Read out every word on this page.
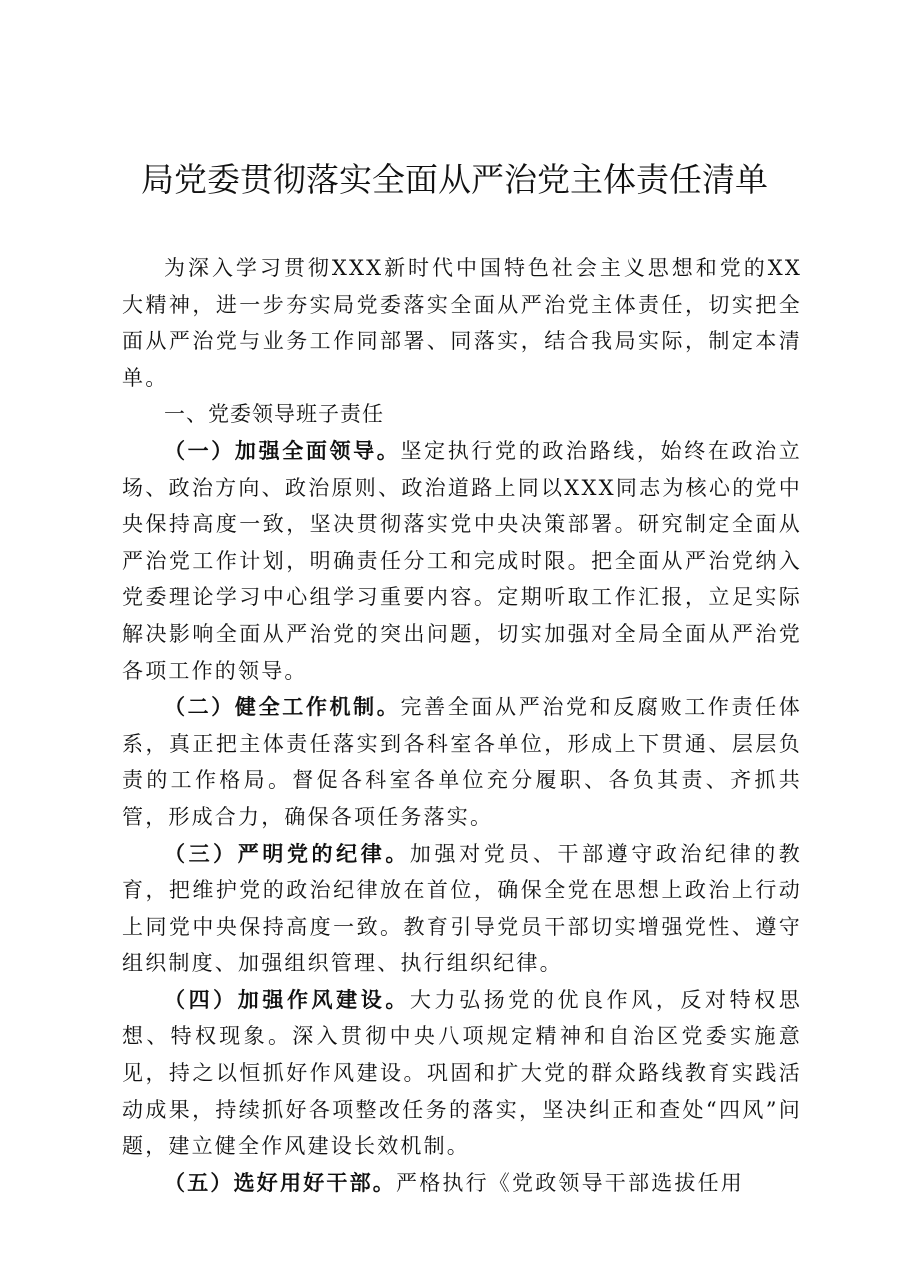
局党委贯彻落实全面从严治党主体责任清单

为深入学习贯彻XXX新时代中国特色社会主义思想和党的XX大精神，进一步夯实局党委落实全面从严治党主体责任，切实把全面从严治党与业务工作同部署、同落实，结合我局实际，制定本清单。

一、党委领导班子责任

（一）加强全面领导。坚定执行党的政治路线，始终在政治立场、政治方向、政治原则、政治道路上同以XXX同志为核心的党中央保持高度一致，坚决贯彻落实党中央决策部署。研究制定全面从严治党工作计划，明确责任分工和完成时限。把全面从严治党纳入党委理论学习中心组学习重要内容。定期听取工作汇报，立足实际解决影响全面从严治党的突出问题，切实加强对全局全面从严治党各项工作的领导。

（二）健全工作机制。完善全面从严治党和反腐败工作责任体系，真正把主体责任落实到各科室各单位，形成上下贯通、层层负责的工作格局。督促各科室各单位充分履职、各负其责、齐抓共管，形成合力，确保各项任务落实。

（三）严明党的纪律。加强对党员、干部遵守政治纪律的教育，把维护党的政治纪律放在首位，确保全党在思想上政治上行动上同党中央保持高度一致。教育引导党员干部切实增强党性、遵守组织制度、加强组织管理、执行组织纪律。

（四）加强作风建设。大力弘扬党的优良作风，反对特权思想、特权现象。深入贯彻中央八项规定精神和自治区党委实施意见，持之以恒抓好作风建设。巩固和扩大党的群众路线教育实践活动成果，持续抓好各项整改任务的落实，坚决纠正和查处“四风”问题，建立健全作风建设长效机制。

（五）选好用好干部。严格执行《党政领导干部选拔任用
